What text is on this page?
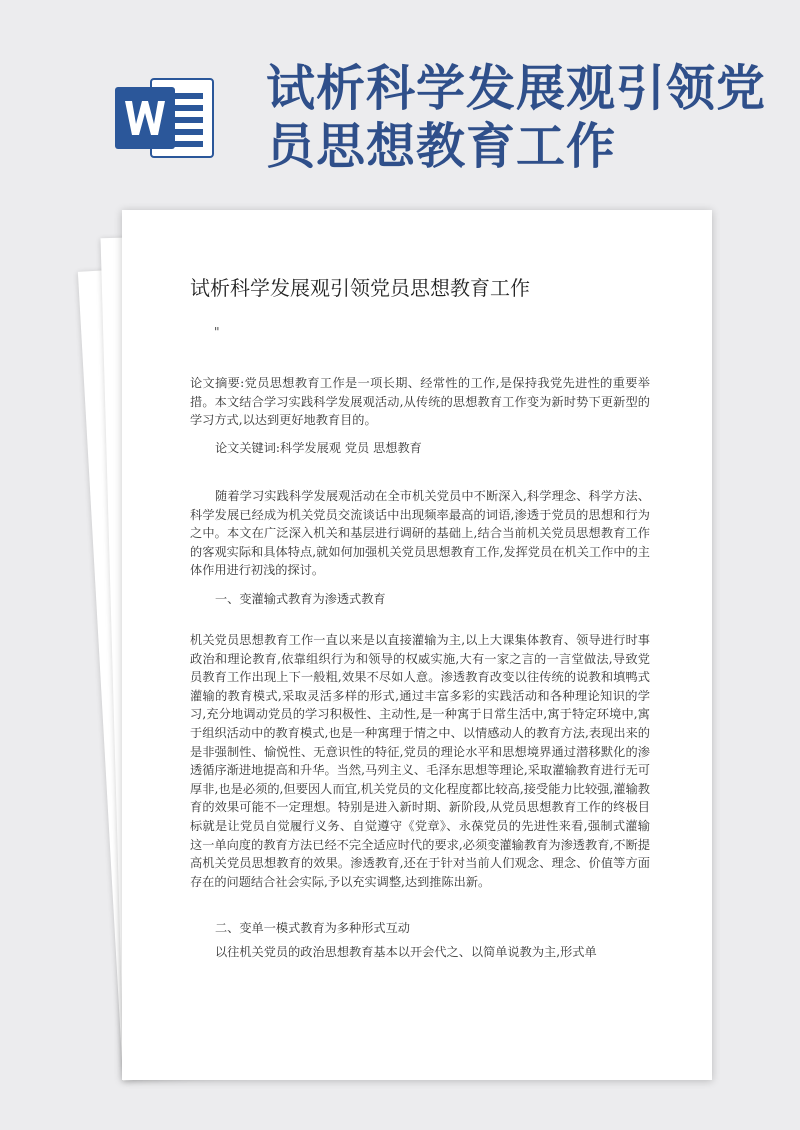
试析科学发展观引领党员思想教育工作
试析科学发展观引领党员思想教育工作
"
论文摘要:党员思想教育工作是一项长期、经常性的工作,是保持我党先进性的重要举措。本文结合学习实践科学发展观活动,从传统的思想教育工作变为新时势下更新型的学习方式,以达到更好地教育目的。
论文关键词:科学发展观 党员 思想教育
随着学习实践科学发展观活动在全市机关党员中不断深入,科学理念、科学方法、科学发展已经成为机关党员交流谈话中出现频率最高的词语,渗透于党员的思想和行为之中。本文在广泛深入机关和基层进行调研的基础上,结合当前机关党员思想教育工作的客观实际和具体特点,就如何加强机关党员思想教育工作,发挥党员在机关工作中的主体作用进行初浅的探讨。
一、变灌输式教育为渗透式教育
机关党员思想教育工作一直以来是以直接灌输为主,以上大课集体教育、领导进行时事政治和理论教育,依靠组织行为和领导的权威实施,大有一家之言的一言堂做法,导致党员教育工作出现上下一般粗,效果不尽如人意。渗透教育改变以往传统的说教和填鸭式灌输的教育模式,采取灵活多样的形式,通过丰富多彩的实践活动和各种理论知识的学习,充分地调动党员的学习积极性、主动性,是一种寓于日常生活中,寓于特定环境中,寓于组织活动中的教育模式,也是一种寓理于情之中、以情感动人的教育方法,表现出来的是非强制性、愉悦性、无意识性的特征,党员的理论水平和思想境界通过潜移默化的渗透循序渐进地提高和升华。当然,马列主义、毛泽东思想等理论,采取灌输教育进行无可厚非,也是必须的,但要因人而宜,机关党员的文化程度都比较高,接受能力比较强,灌输教育的效果可能不一定理想。特别是进入新时期、新阶段,从党员思想教育工作的终极目标就是让党员自觉履行义务、自觉遵守《党章》、永葆党员的先进性来看,强制式灌输这一单向度的教育方法已经不完全适应时代的要求,必须变灌输教育为渗透教育,不断提高机关党员思想教育的效果。渗透教育,还在于针对当前人们观念、理念、价值等方面存在的问题结合社会实际,予以充实调整,达到推陈出新。
二、变单一模式教育为多种形式互动
以往机关党员的政治思想教育基本以开会代之、以简单说教为主,形式单
